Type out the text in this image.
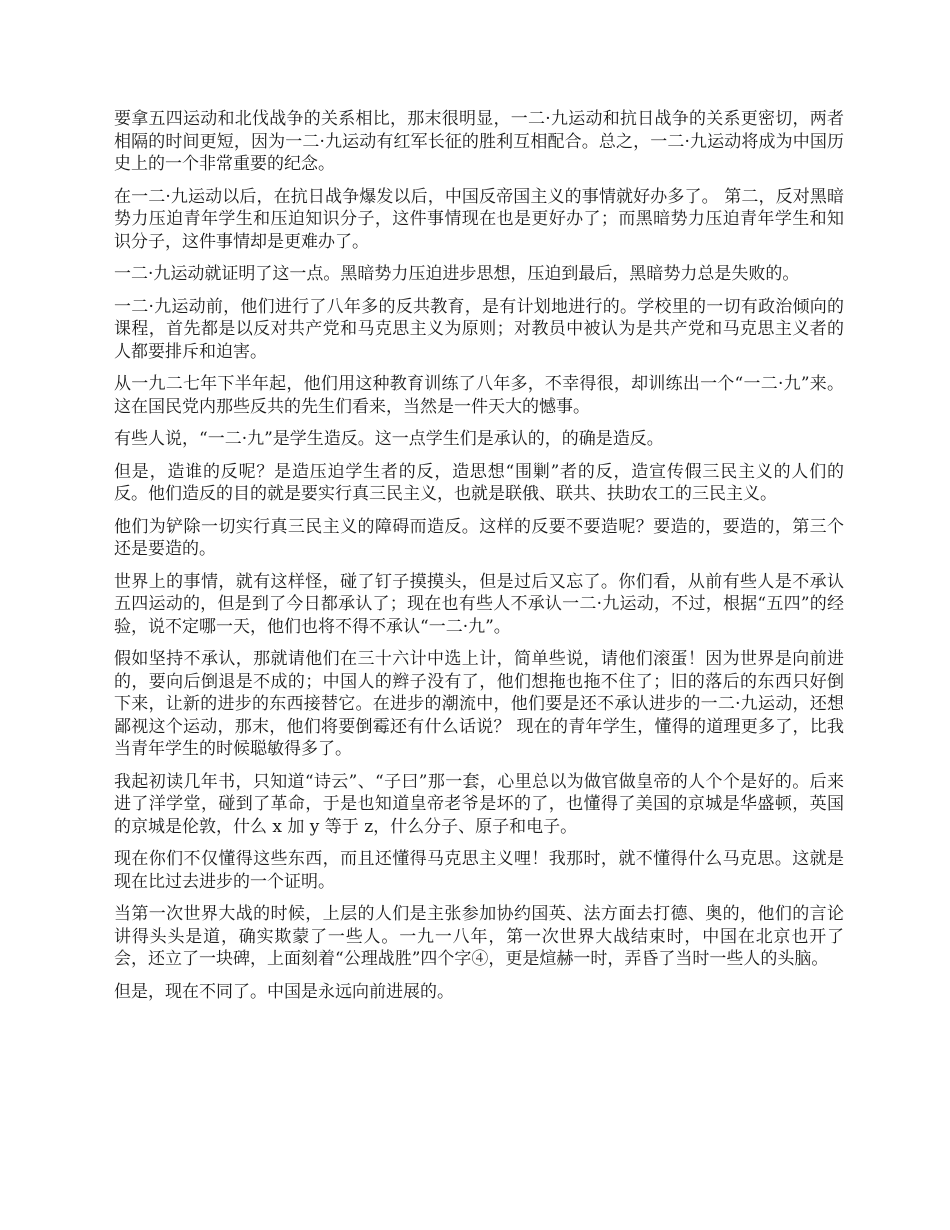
要拿五四运动和北伐战争的关系相比，那末很明显，一二·九运动和抗日战争的关系更密切，两者相隔的时间更短，因为一二·九运动有红军长征的胜利互相配合。总之，一二·九运动将成为中国历史上的一个非常重要的纪念。

在一二·九运动以后，在抗日战争爆发以后，中国反帝国主义的事情就好办多了。 第二，反对黑暗势力压迫青年学生和压迫知识分子，这件事情现在也是更好办了；而黑暗势力压迫青年学生和知识分子，这件事情却是更难办了。

一二·九运动就证明了这一点。黑暗势力压迫进步思想，压迫到最后，黑暗势力总是失败的。

一二·九运动前，他们进行了八年多的反共教育，是有计划地进行的。学校里的一切有政治倾向的课程，首先都是以反对共产党和马克思主义为原则；对教员中被认为是共产党和马克思主义者的人都要排斥和迫害。

从一九二七年下半年起，他们用这种教育训练了八年多，不幸得很，却训练出一个“一二·九”来。这在国民党内那些反共的先生们看来，当然是一件天大的憾事。

有些人说，“一二·九”是学生造反。这一点学生们是承认的，的确是造反。

但是，造谁的反呢？是造压迫学生者的反，造思想“围剿”者的反，造宣传假三民主义的人们的反。他们造反的目的就是要实行真三民主义，也就是联俄、联共、扶助农工的三民主义。

他们为铲除一切实行真三民主义的障碍而造反。这样的反要不要造呢？要造的，要造的，第三个还是要造的。

世界上的事情，就有这样怪，碰了钉子摸摸头，但是过后又忘了。你们看，从前有些人是不承认五四运动的，但是到了今日都承认了；现在也有些人不承认一二·九运动，不过，根据“五四”的经验，说不定哪一天，他们也将不得不承认“一二·九”。

假如坚持不承认，那就请他们在三十六计中选上计，简单些说，请他们滚蛋！因为世界是向前进的，要向后倒退是不成的；中国人的辫子没有了，他们想拖也拖不住了；旧的落后的东西只好倒下来，让新的进步的东西接替它。在进步的潮流中，他们要是还不承认进步的一二·九运动，还想鄙视这个运动，那末，他们将要倒霉还有什么话说？ 现在的青年学生，懂得的道理更多了，比我当青年学生的时候聪敏得多了。

我起初读几年书，只知道“诗云”、“子曰”那一套，心里总以为做官做皇帝的人个个是好的。后来进了洋学堂，碰到了革命，于是也知道皇帝老爷是坏的了，也懂得了美国的京城是华盛顿，英国的京城是伦敦，什么 x 加 y 等于 z，什么分子、原子和电子。

现在你们不仅懂得这些东西，而且还懂得马克思主义哩！我那时，就不懂得什么马克思。这就是现在比过去进步的一个证明。

当第一次世界大战的时候，上层的人们是主张参加协约国英、法方面去打德、奥的，他们的言论讲得头头是道，确实欺蒙了一些人。一九一八年，第一次世界大战结束时，中国在北京也开了会，还立了一块碑，上面刻着“公理战胜”四个字④，更是煊赫一时，弄昏了当时一些人的头脑。

但是，现在不同了。中国是永远向前进展的。
